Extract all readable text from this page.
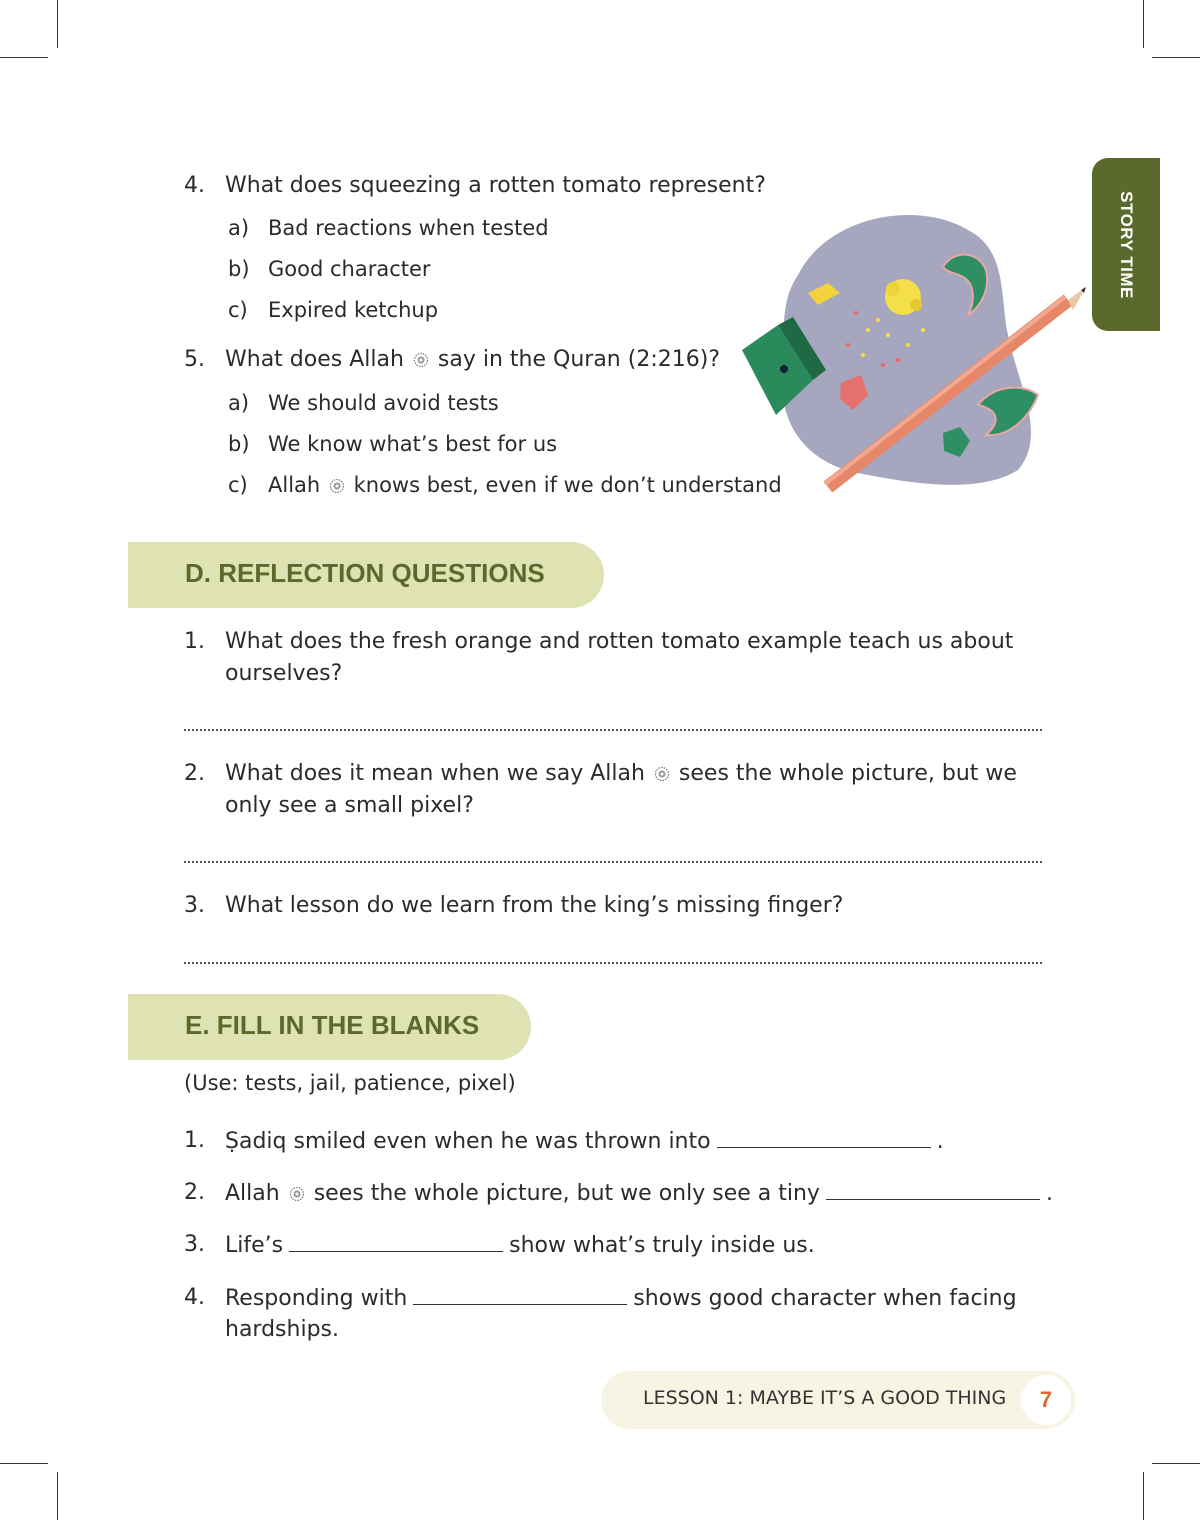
STORY TIME
4. What does squeezing a rotten tomato represent?
a) Bad reactions when tested
b) Good character
c) Expired ketchup
5. What does Allah say in the Quran (2:216)?
a) We should avoid tests
b) We know what’s best for us
c) Allah knows best, even if we don’t understand
D. REFLECTION QUESTIONS
1. What does the fresh orange and rotten tomato example teach us about
ourselves?
2. What does it mean when we say Allah sees the whole picture, but we
only see a small pixel?
3. What lesson do we learn from the king’s missing finger?
E. FILL IN THE BLANKS
(Use: tests, jail, patience, pixel)
1. Ṣadiq smiled even when he was thrown into	.
2. Allah sees the whole picture, but we only see a tiny	.
3. Life’s	show what’s truly inside us.
4. Responding with	shows good character when facing
hardships.
LESSON 1: MAYBE IT’S A GOOD THING	7
